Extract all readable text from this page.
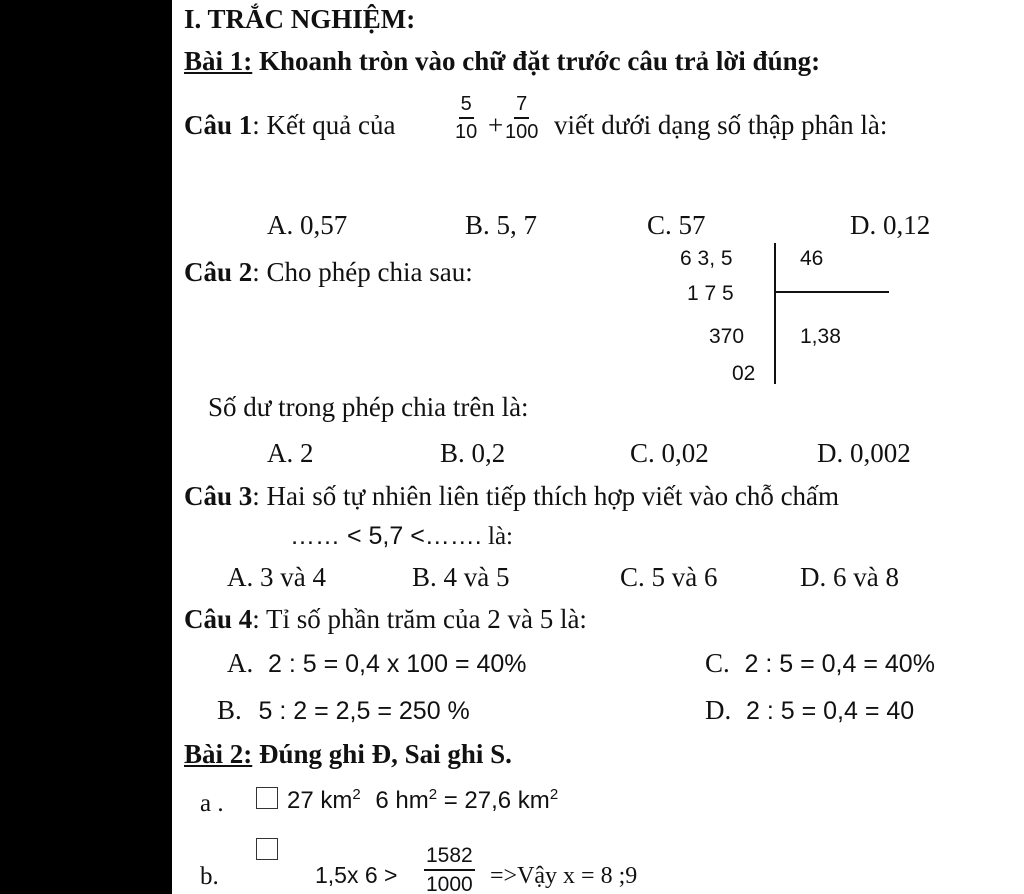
I. TRẮC NGHIỆM:
Bài 1: Khoanh tròn vào chữ đặt trước câu trả lời đúng:
Câu 1: Kết quả của	$\frac{5}{10} + \frac{7}{100}$ viết dưới dạng số thập phân là:
A. 0,57	B. 5, 7	C. 57	D. 0,12
Câu 2: Cho phép chia sau:	6 3, 5	46
1 7 5
370	1,38
02
Số dư trong phép chia trên là:
A. 2	B. 0,2	C. 0,02	D. 0,002
Câu 3: Hai số tự nhiên liên tiếp thích hợp viết vào chỗ chấm
…… < 5,7 <……. là:
A. 3 và 4	B. 4 và 5	C. 5 và 6	D. 6 và 8
Câu 4: Tỉ số phần trăm của 2 và 5 là:
A. 2 : 5 = 0,4 x 100 = 40%	C. 2 : 5 = 0,4 = 40%
B. 5 : 2 = 2,5 = 250 %	D. 2 : 5 = 0,4 = 40
Bài 2: Đúng ghi Đ, Sai ghi S.
a .	27 $km^2$ 6 $hm^2 = 27,6$ $km^2$
b.	1,5x $6 > \frac{1582}{1000}$ =>Vậy x = 8 ;9
